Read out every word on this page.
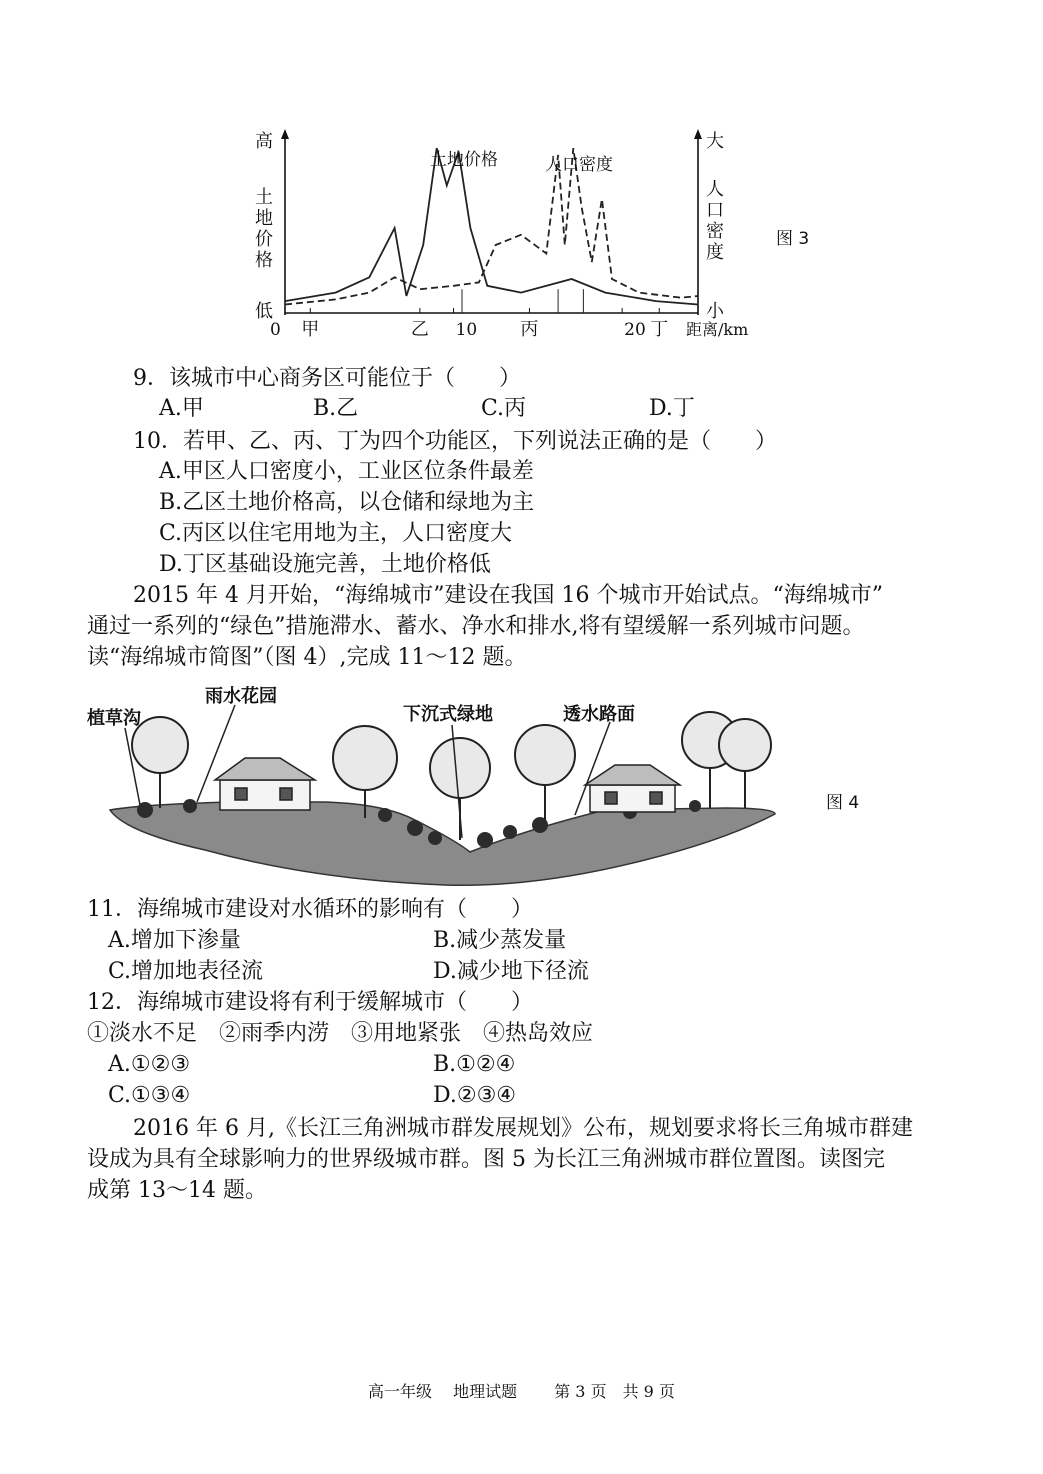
高
土
地
价
格
低
大
人
口
密
度
小
0	10	20
甲	乙	丙	丁 距离/km
土地价格	人口密度
图 3
9．该城市中心商务区可能位于（　　）
A.甲	B.乙	C.丙	D.丁
10．若甲、乙、丙、丁为四个功能区，下列说法正确的是（　　）
A.甲区人口密度小，工业区位条件最差
B.乙区土地价格高，以仓储和绿地为主
C.丙区以住宅用地为主，人口密度大
D.丁区基础设施完善，土地价格低
2015 年 4 月开始，“海绵城市”建设在我国 16 个城市开始试点。“海绵城市”
通过一系列的“绿色”措施滞水、蓄水、净水和排水,将有望缓解一系列城市问题。
读“海绵城市简图”（图 4）,完成 11～12 题。
植草沟
雨水花园
下沉式绿地	透水路面
图 4
11．海绵城市建设对水循环的影响有（　　）
A.增加下渗量	B.减少蒸发量
C.增加地表径流	D.减少地下径流
12．海绵城市建设将有利于缓解城市（　　）
①淡水不足　②雨季内涝　③用地紧张　④热岛效应
A.①②③	B.①②④
C.①③④	D.②③④
2016 年 6 月,《长江三角洲城市群发展规划》公布，规划要求将长三角城市群建
设成为具有全球影响力的世界级城市群。图 5 为长江三角洲城市群位置图。读图完
成第 13～14 题。
高一年级　 地理试题　　 第 3 页　共 9 页
